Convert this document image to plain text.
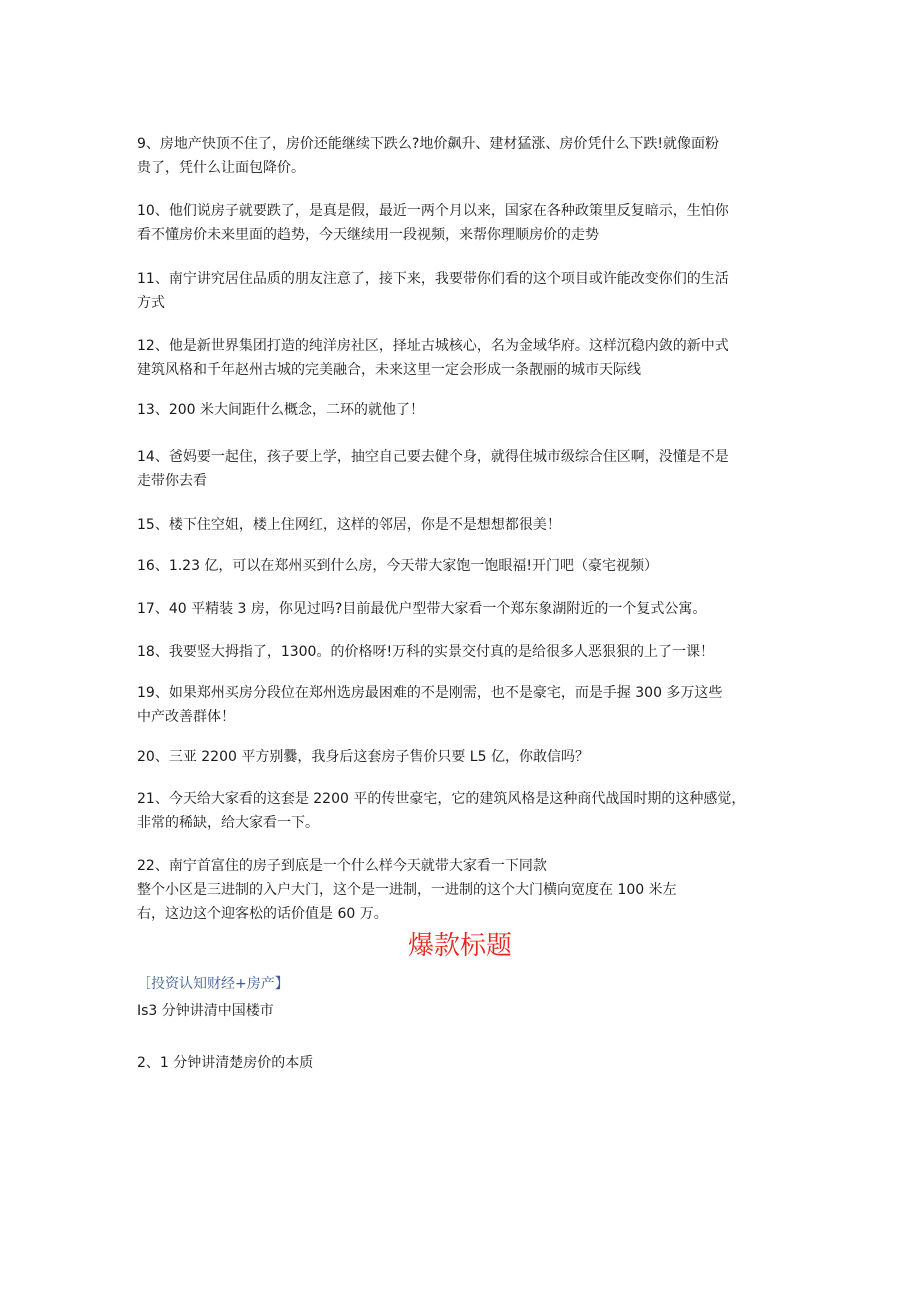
9、房地产快顶不住了，房价还能继续下跌么?地价飙升、建材猛涨、房价凭什么下跌!就像面粉
贵了，凭什么让面包降价。

10、他们说房子就要跌了，是真是假，最近一两个月以来，国家在各种政策里反复暗示，生怕你
看不懂房价未来里面的趋势，今天继续用一段视频，来帮你理顺房价的走势

11、南宁讲究居住品质的朋友注意了，接下来，我要带你们看的这个项目或许能改变你们的生活
方式

12、他是新世界集团打造的纯洋房社区，择址古城核心，名为金域华府。这样沉稳内敛的新中式
建筑风格和千年赵州古城的完美融合，未来这里一定会形成一条靓丽的城市天际线

13、200 米大间距什么概念，二环的就他了！

14、爸妈要一起住，孩子要上学，抽空自己要去健个身，就得住城市级综合住区啊，没懂是不是
走带你去看

15、楼下住空姐，楼上住网红，这样的邻居，你是不是想想都很美！

16、1.23 亿，可以在郑州买到什么房，今天带大家饱一饱眼福!开门吧（豪宅视频）

17、40 平精装 3 房，你见过吗?目前最优户型带大家看一个郑东象湖附近的一个复式公寓。

18、我要竖大拇指了，1300。的价格呀!万科的实景交付真的是给很多人恶狠狠的上了一课！

19、如果郑州买房分段位在郑州选房最困难的不是刚需，也不是豪宅，而是手握 300 多万这些
中产改善群体！

20、三亚 2200 平方别爨，我身后这套房子售价只要 L5 亿，你敢信吗？

21、今天给大家看的这套是 2200 平的传世豪宅，它的建筑风格是这种商代战国时期的这种感觉，
非常的稀缺，给大家看一下。

22、南宁首富住的房子到底是一个什么样今天就带大家看一下同款
整个小区是三进制的入户大门，这个是一进制，一进制的这个大门横向宽度在 100 米左
右，这边这个迎客松的话价值是 60 万。

爆款标题

［投资认知财经+房产】

Is3 分钟讲清中国楼市

2、1 分钟讲清楚房价的本质
